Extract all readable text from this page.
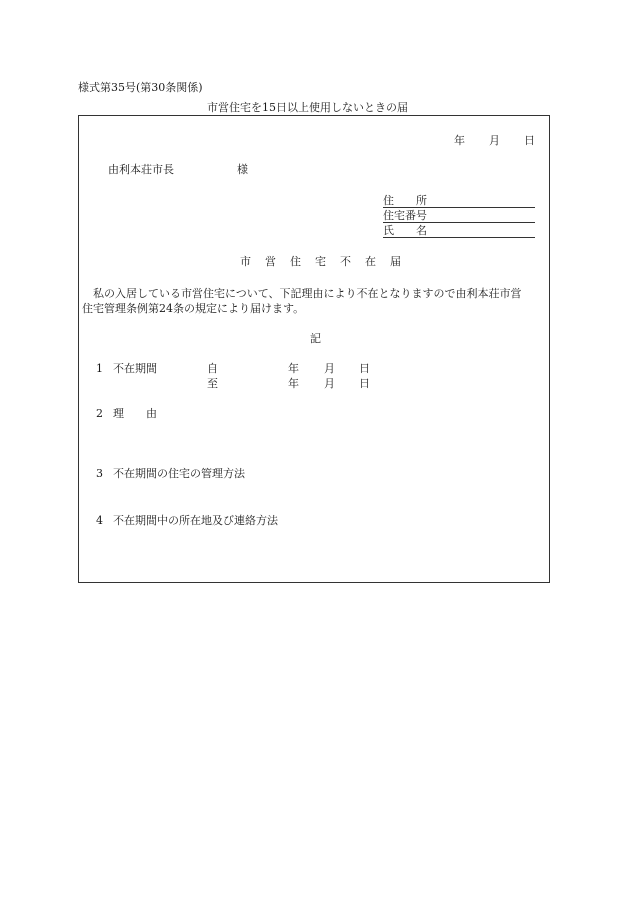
様式第35号(第30条関係)
市営住宅を15日以上使用しないときの届
年 月 日
由利本荘市長	様
住　　所
住宅番号
氏　　名
市営住宅不在届
私の入居している市営住宅について、下記理由により不在となりますので由利本荘市営
住宅管理条例第24条の規定により届けます。
記
1 不在期間	自	年 月 日
至	年 月 日
2 理　　由
3 不在期間の住宅の管理方法
4 不在期間中の所在地及び連絡方法
